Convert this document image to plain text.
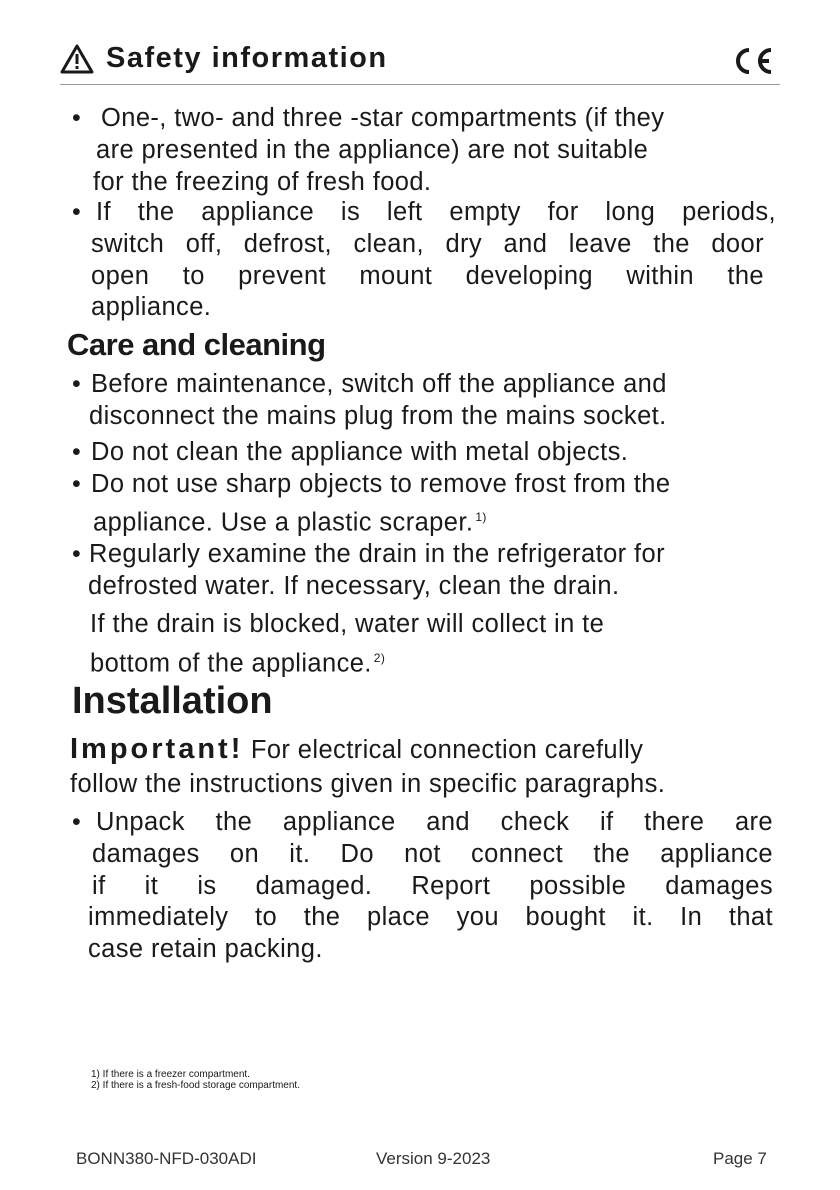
Safety information
• One-, two- and three -star compartments (if they
are presented in the appliance) are not suitable
for the freezing of fresh food.
• If the appliance is left empty for long periods,
switch off, defrost, clean, dry and leave the door
open to prevent mount developing within the
appliance.
Care and cleaning
• Before maintenance, switch off the appliance and
disconnect the mains plug from the mains socket.
• Do not clean the appliance with metal objects.
• Do not use sharp objects to remove frost from the
appliance. Use a plastic scraper. $^{1)}$
• Regularly examine the drain in the refrigerator for
defrosted water. If necessary, clean the drain.
If the drain is blocked, water will collect in te
bottom of the appliance. $^{2)}$
Installation
Important! For electrical connection carefully
follow the instructions given in specific paragraphs.
• Unpack the appliance and check if there are
damages on it. Do not connect the appliance
if it is damaged. Report possible damages
immediately to the place you bought it. In that
case retain packing.
1) If there is a freezer compartment.
2) If there is a fresh-food storage compartment.
BONN380-NFD-030ADI	Version 9-2023	Page 7
